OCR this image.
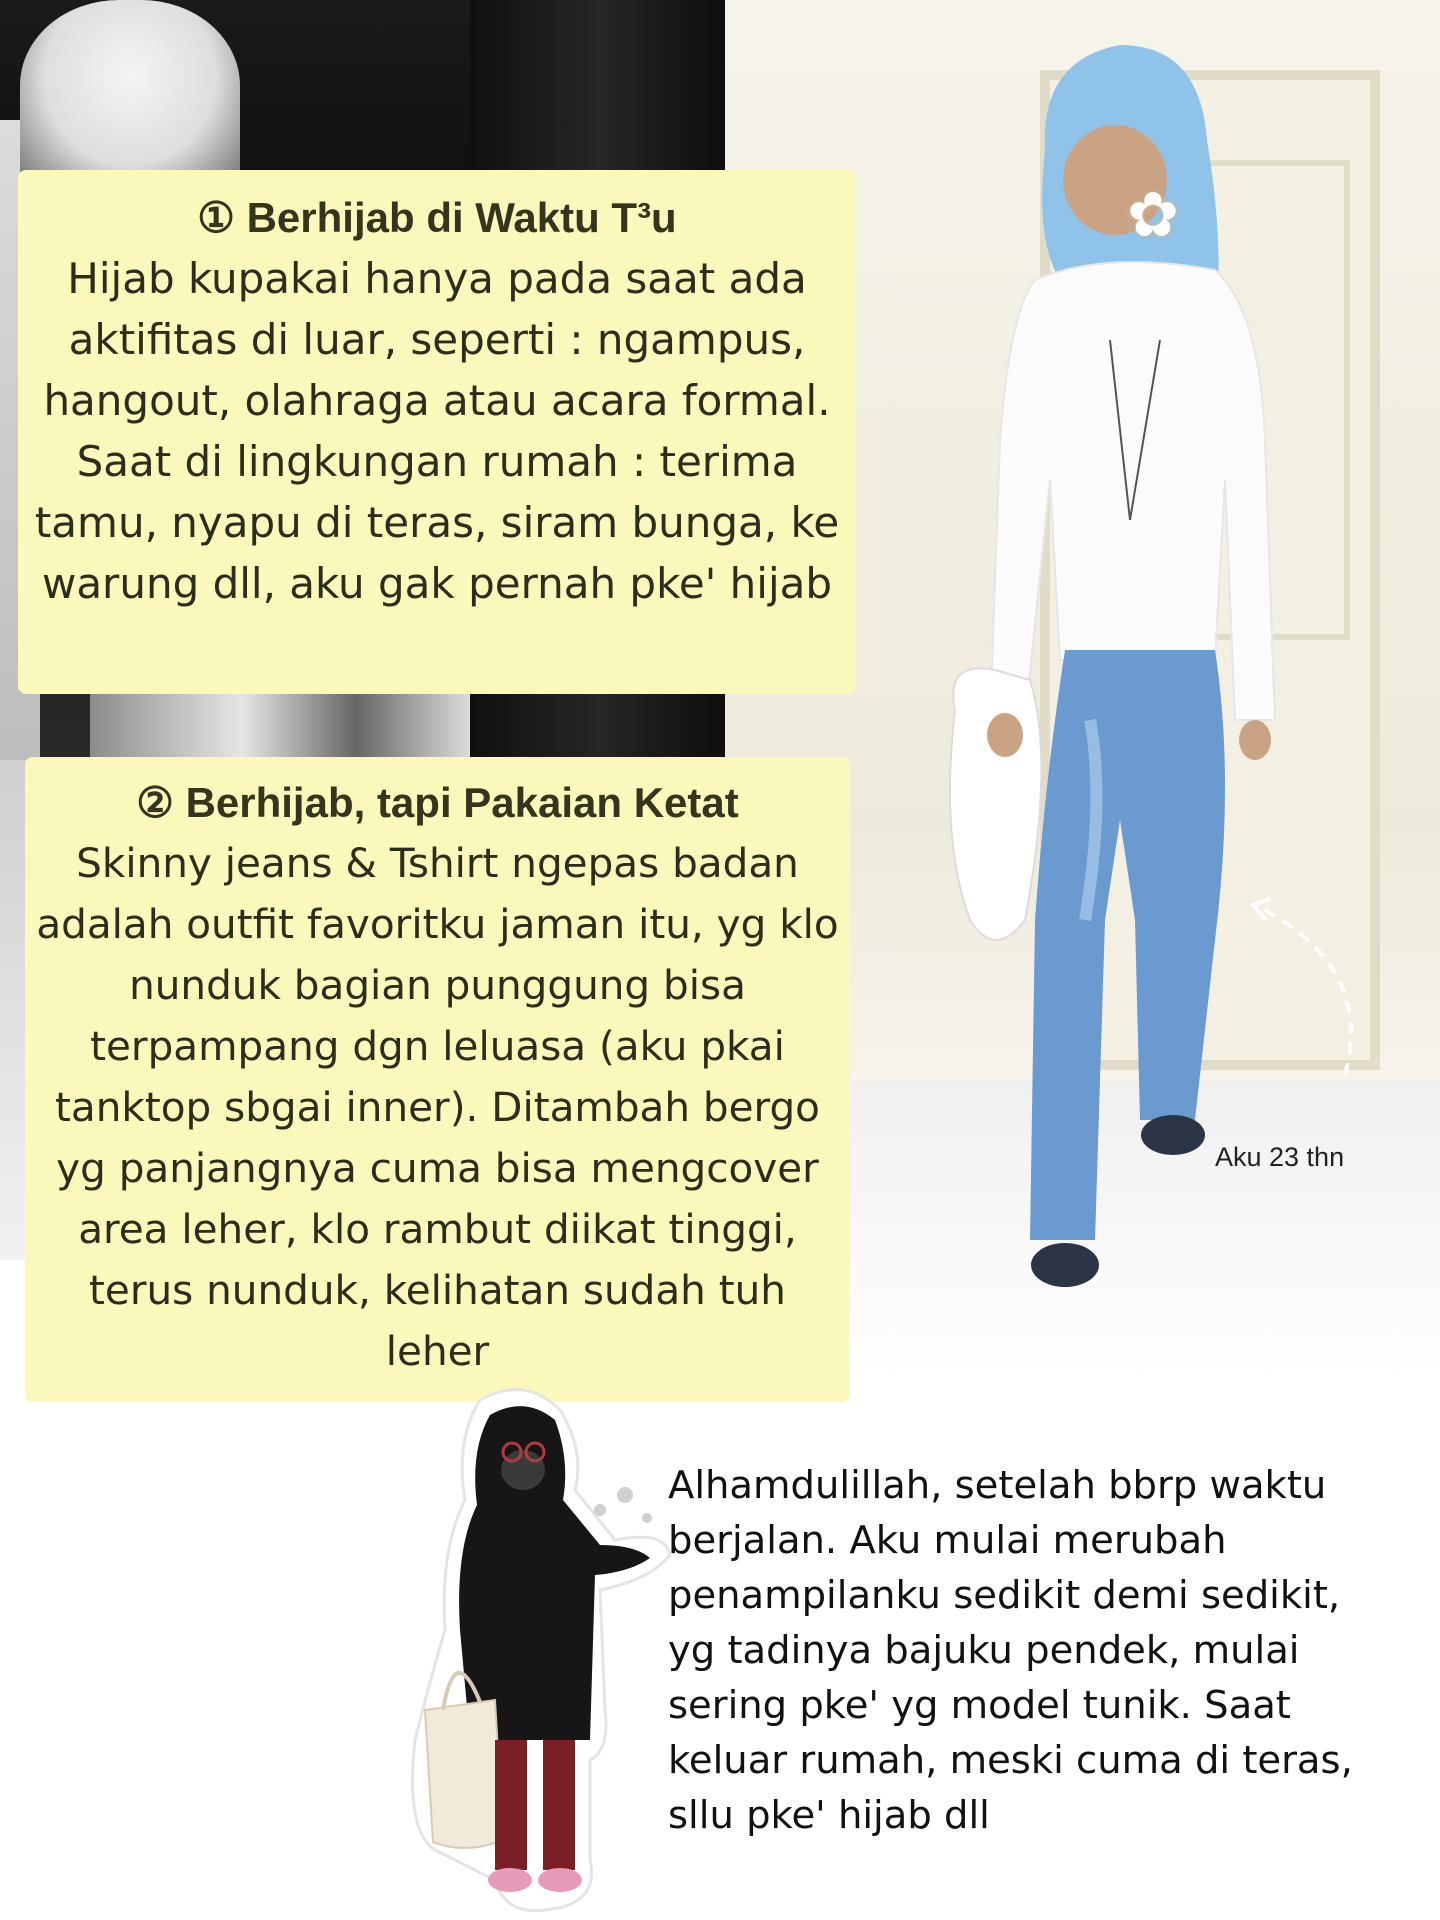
✿
Aku 23 thn

① Berhijab di Waktu T³u

Hijab kupakai hanya pada saat ada aktifitas di luar, seperti : ngampus, hangout, olahraga atau acara formal. Saat di lingkungan rumah : terima tamu, nyapu di teras, siram bunga, ke warung dll, aku gak pernah pke' hijab

② Berhijab, tapi Pakaian Ketat

Skinny jeans & Tshirt ngepas badan adalah outfit favoritku jaman itu, yg klo nunduk bagian punggung bisa terpampang dgn leluasa (aku pkai tanktop sbgai inner). Ditambah bergo yg panjangnya cuma bisa mengcover area leher, klo rambut diikat tinggi, terus nunduk, kelihatan sudah tuh leher

Alhamdulillah, setelah bbrp waktu berjalan. Aku mulai merubah penampilanku sedikit demi sedikit, yg tadinya bajuku pendek, mulai sering pke' yg model tunik. Saat keluar rumah, meski cuma di teras, sllu pke' hijab dll
